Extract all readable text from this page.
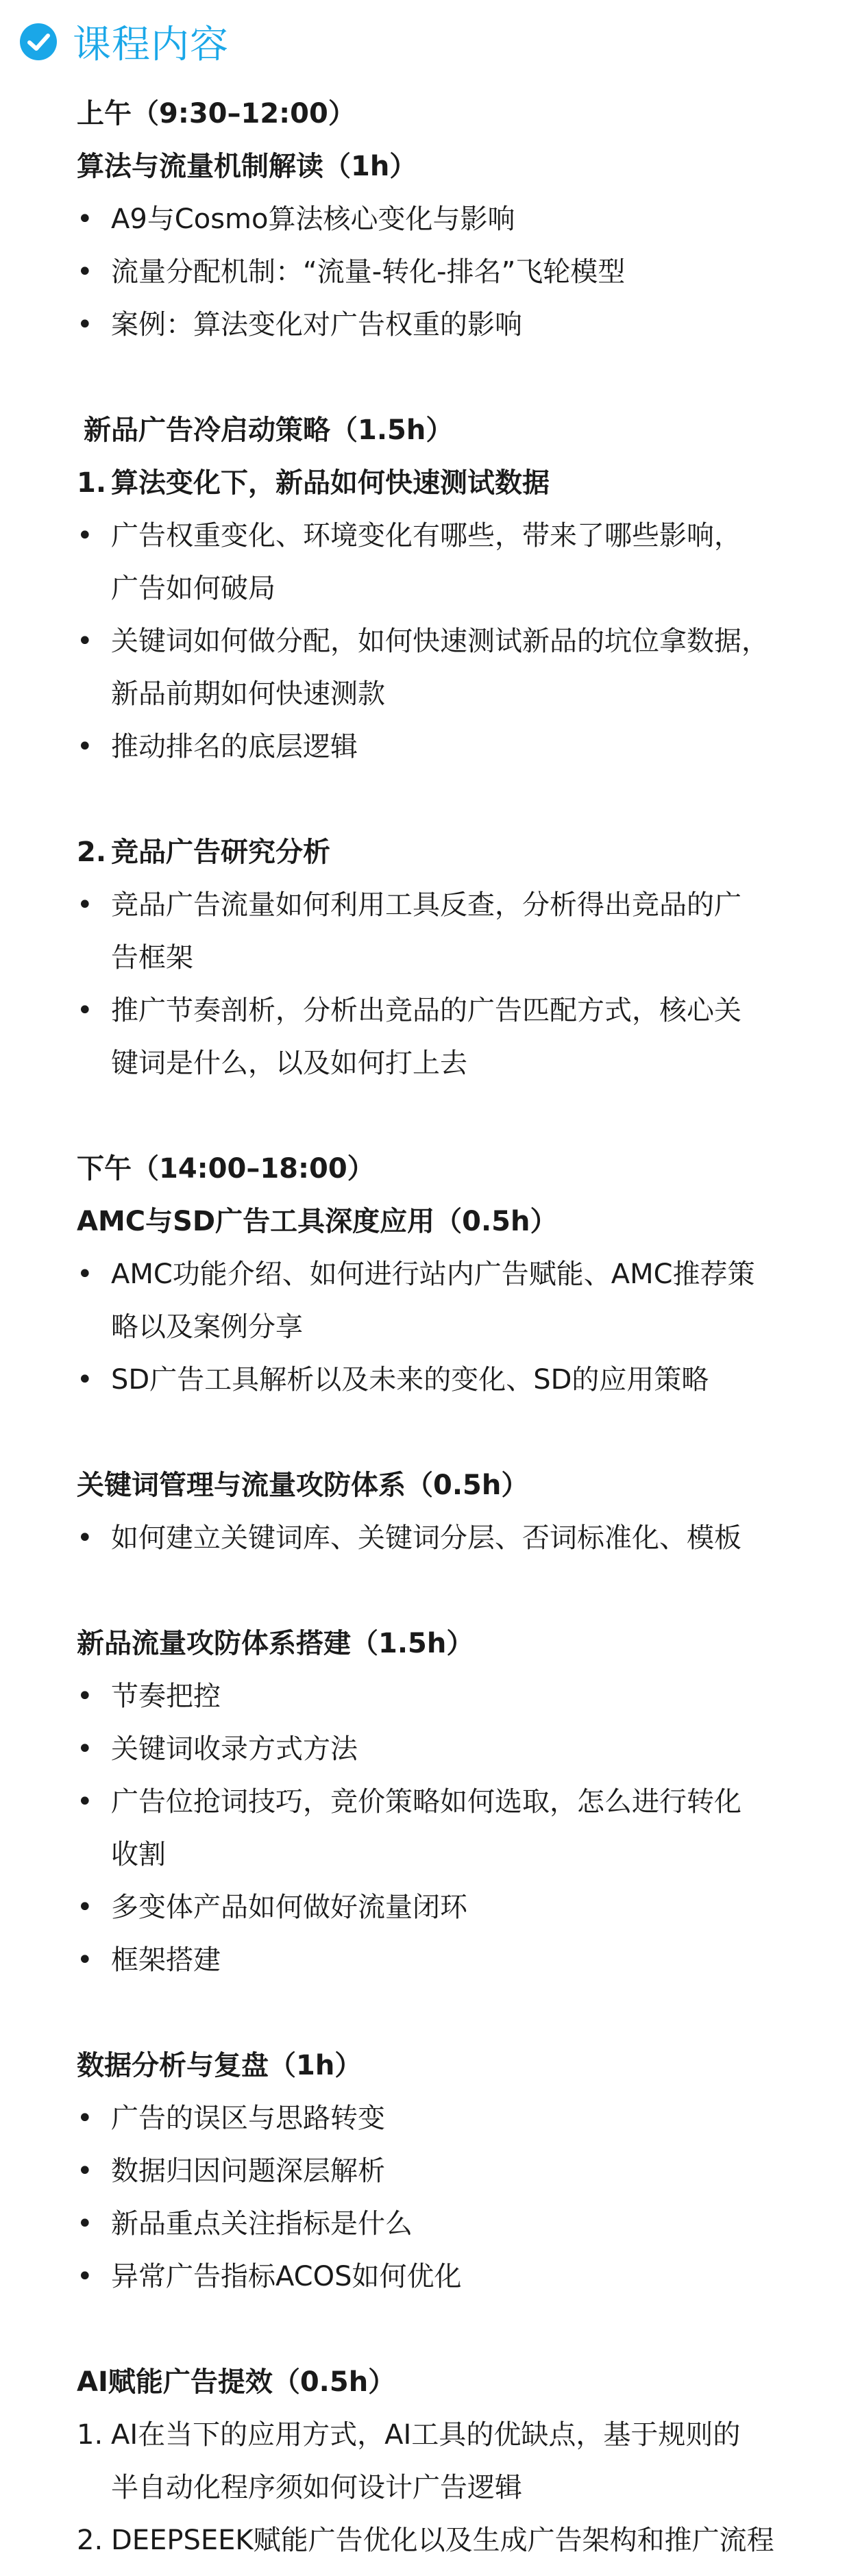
课程内容
上午（9:30–12:00）
算法与流量机制解读（1h）
• A9与Cosmo算法核心变化与影响
• 流量分配机制：“流量-转化-排名”飞轮模型
• 案例：算法变化对广告权重的影响
新品广告冷启动策略（1.5h）
1. 算法变化下，新品如何快速测试数据
• 广告权重变化、环境变化有哪些，带来了哪些影响，
广告如何破局
• 关键词如何做分配，如何快速测试新品的坑位拿数据，
新品前期如何快速测款
• 推动排名的底层逻辑
2. 竞品广告研究分析
• 竞品广告流量如何利用工具反查，分析得出竞品的广
告框架
• 推广节奏剖析，分析出竞品的广告匹配方式，核心关
键词是什么，以及如何打上去
下午（14:00–18:00）
AMC与SD广告工具深度应用（0.5h）
• AMC功能介绍、如何进行站内广告赋能、AMC推荐策
略以及案例分享
• SD广告工具解析以及未来的变化、SD的应用策略
关键词管理与流量攻防体系（0.5h）
• 如何建立关键词库、关键词分层、否词标准化、模板
新品流量攻防体系搭建（1.5h）
• 节奏把控
• 关键词收录方式方法
• 广告位抢词技巧，竞价策略如何选取，怎么进行转化
收割
• 多变体产品如何做好流量闭环
• 框架搭建
数据分析与复盘（1h）
• 广告的误区与思路转变
• 数据归因问题深层解析
• 新品重点关注指标是什么
• 异常广告指标ACOS如何优化
AI赋能广告提效（0.5h）
1. AI在当下的应用方式，AI工具的优缺点，基于规则的
半自动化程序须如何设计广告逻辑
2. DEEPSEEK赋能广告优化以及生成广告架构和推广流程
